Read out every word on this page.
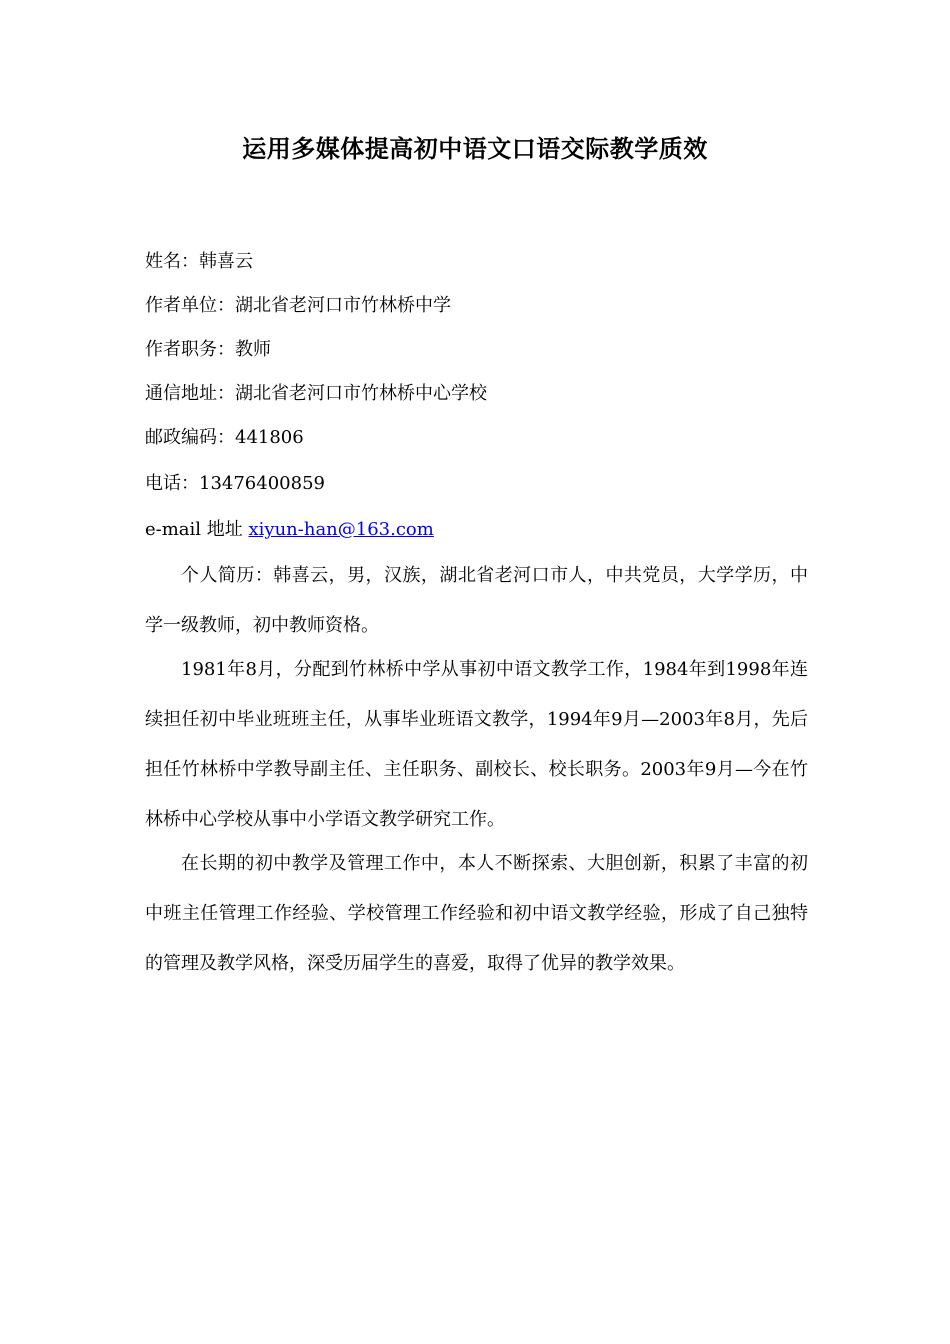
运用多媒体提高初中语文口语交际教学质效

姓名：韩喜云

作者单位：湖北省老河口市竹林桥中学

作者职务：教师

通信地址：湖北省老河口市竹林桥中心学校

邮政编码：441806

电话：13476400859

e-mail 地址 xiyun-han@163.com

个人简历：韩喜云，男，汉族，湖北省老河口市人，中共党员，大学学历，中学一级教师，初中教师资格。

1981年8月，分配到竹林桥中学从事初中语文教学工作，1984年到1998年连续担任初中毕业班班主任，从事毕业班语文教学，1994年9月—2003年8月，先后担任竹林桥中学教导副主任、主任职务、副校长、校长职务。2003年9月—今在竹林桥中心学校从事中小学语文教学研究工作。

在长期的初中教学及管理工作中，本人不断探索、大胆创新，积累了丰富的初中班主任管理工作经验、学校管理工作经验和初中语文教学经验，形成了自己独特的管理及教学风格，深受历届学生的喜爱，取得了优异的教学效果。
